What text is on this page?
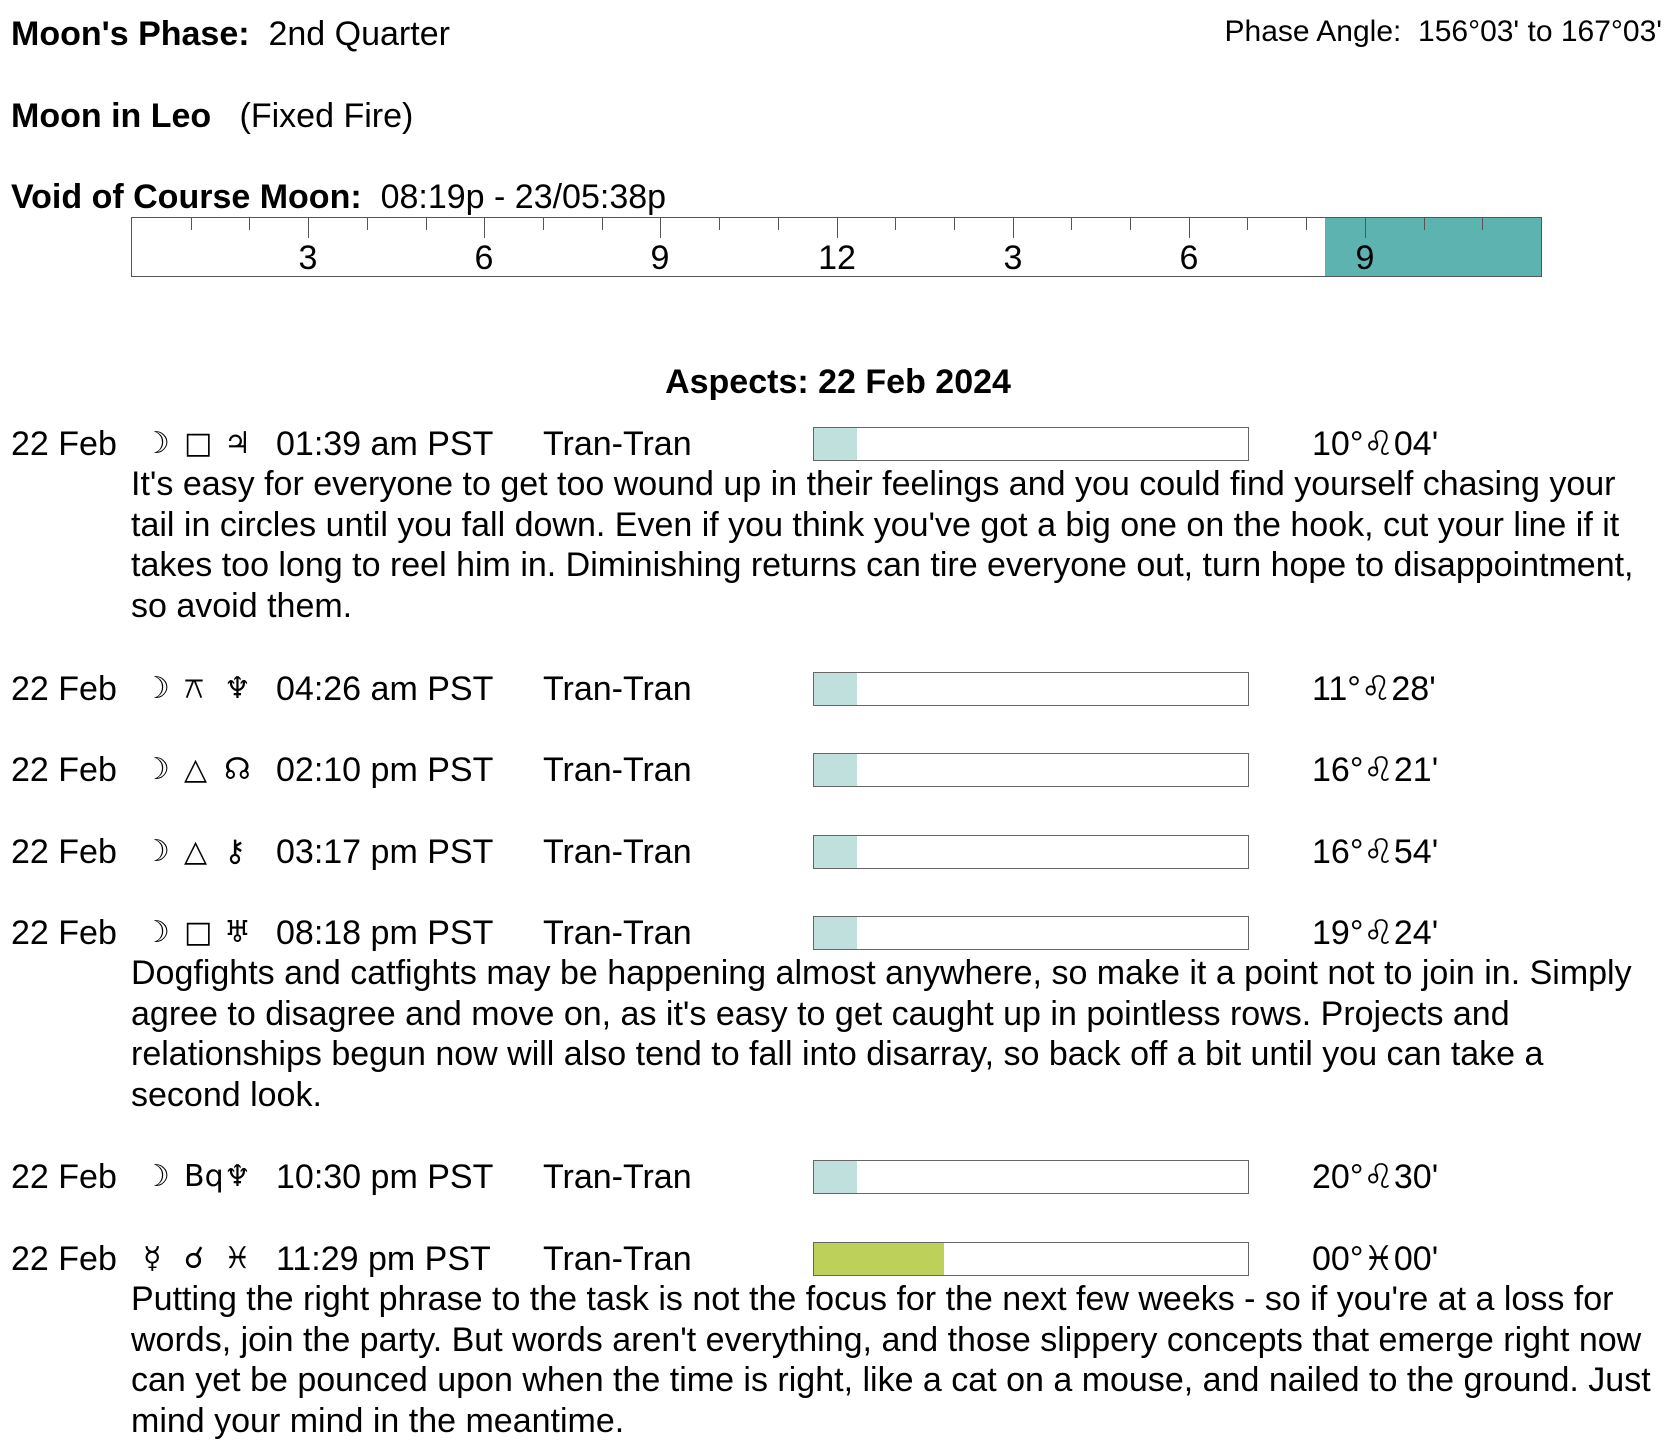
Moon's Phase: 2nd Quarter	Phase Angle: 156°03' to 167°03'
Moon in Leo (Fixed Fire)
Void of Course Moon: 08:19p - 23/05:38p
3	6	9	12	3	6	9
Aspects: 22 Feb 2024
22 Feb ☽ □ ♃ 01:39 am PST Tran-Tran	10°♌04'
It's easy for everyone to get too wound up in their feelings and you could find yourself chasing your tail in circles until you fall down. Even if you think you've got a big one on the hook, cut your line if it takes too long to reel him in. Diminishing returns can tire everyone out, turn hope to disappointment, so avoid them.
22 Feb ☽ ⚻ ♆ 04:26 am PST Tran-Tran	11°♌28'
22 Feb ☽ △ ☊ 02:10 pm PST Tran-Tran	16°♌21'
22 Feb ☽ △ ⚷ 03:17 pm PST Tran-Tran	16°♌54'
22 Feb ☽ □ ♅ 08:18 pm PST Tran-Tran	19°♌24'
Dogfights and catfights may be happening almost anywhere, so make it a point not to join in. Simply agree to disagree and move on, as it's easy to get caught up in pointless rows. Projects and relationships begun now will also tend to fall into disarray, so back off a bit until you can take a second look.
22 Feb ☽ Bq ♆ 10:30 pm PST Tran-Tran	20°♌30'
22 Feb ☿ ☌ ♓ 11:29 pm PST Tran-Tran	00°♓00'
Putting the right phrase to the task is not the focus for the next few weeks - so if you're at a loss for words, join the party. But words aren't everything, and those slippery concepts that emerge right now can yet be pounced upon when the time is right, like a cat on a mouse, and nailed to the ground. Just mind your mind in the meantime.
